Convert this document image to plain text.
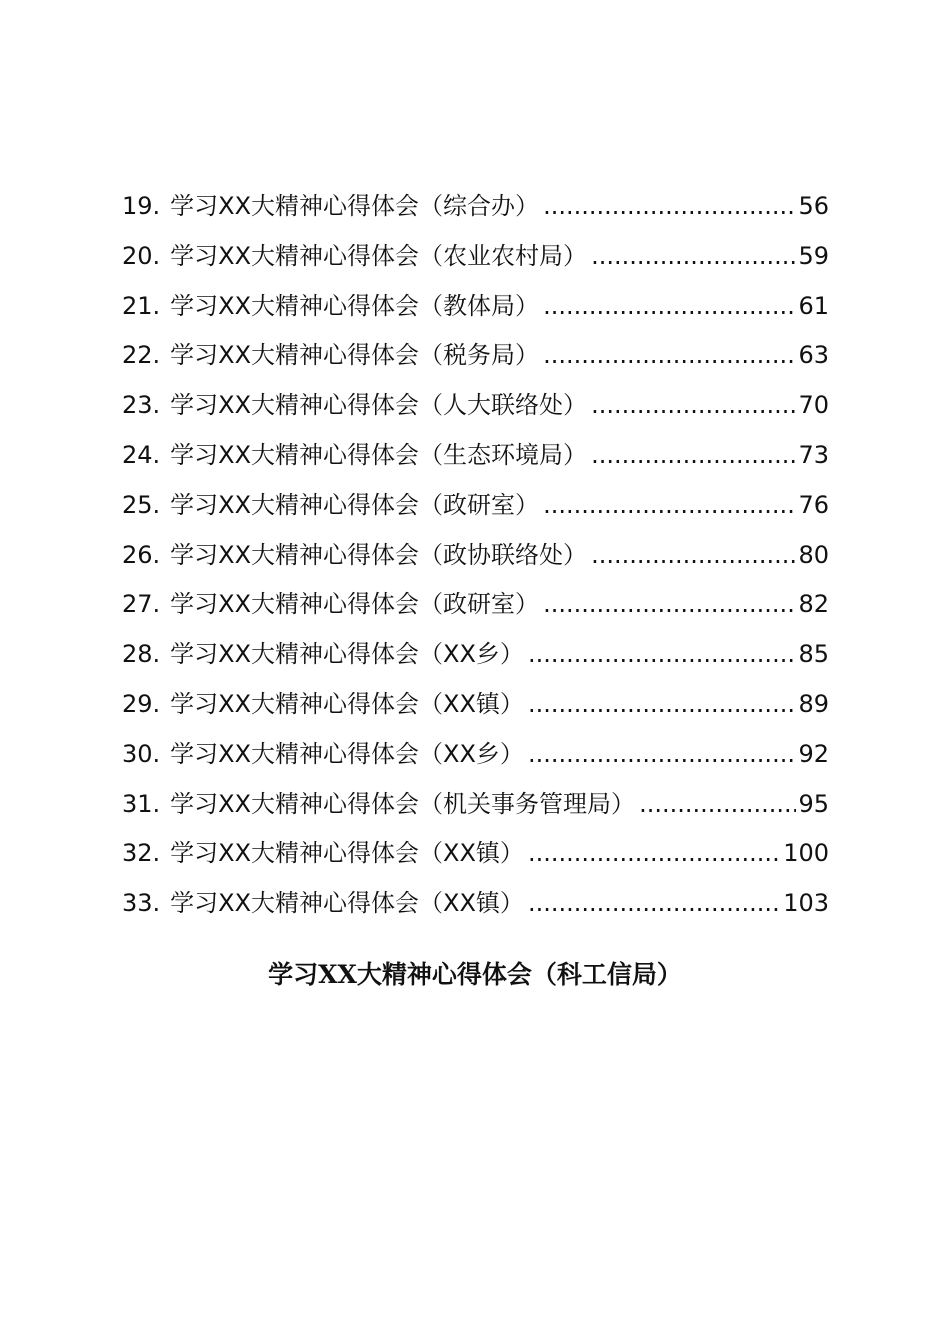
19. 学习XX大精神心得体会（综合办） .....	56
20. 学习XX大精神心得体会（农业农村局） .....	59
21. 学习XX大精神心得体会（教体局） .....	61
22. 学习XX大精神心得体会（税务局） .....	63
23. 学习XX大精神心得体会（人大联络处） .....	70
24. 学习XX大精神心得体会（生态环境局） .....	73
25. 学习XX大精神心得体会（政研室） .....	76
26. 学习XX大精神心得体会（政协联络处） .....	80
27. 学习XX大精神心得体会（政研室） .....	82
28. 学习XX大精神心得体会（XX乡） .....	85
29. 学习XX大精神心得体会（XX镇） .....	89
30. 学习XX大精神心得体会（XX乡） .....	92
31. 学习XX大精神心得体会（机关事务管理局） .....	95
32. 学习XX大精神心得体会（XX镇） .....	100
33. 学习XX大精神心得体会（XX镇） .....	103
学习XX大精神心得体会（科工信局）
